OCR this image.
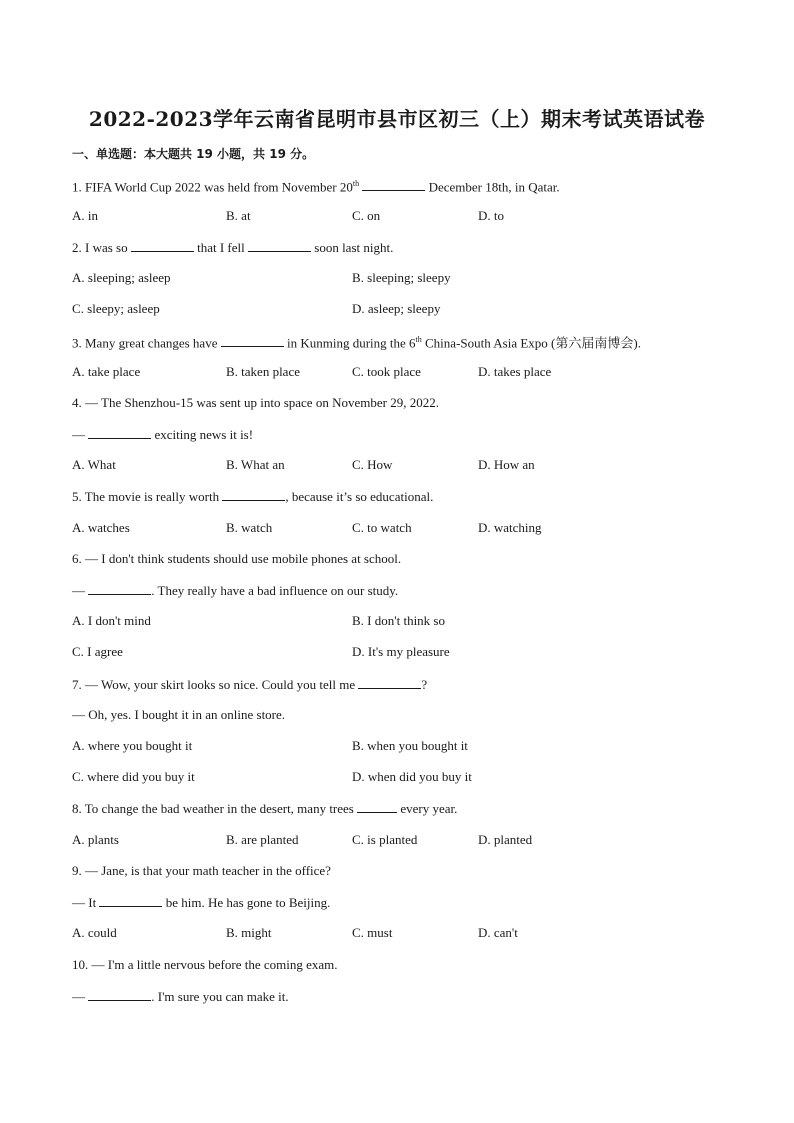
2022-2023学年云南省昆明市县市区初三（上）期末考试英语试卷
一、单选题：本大题共 19 小题，共 19 分。
1. FIFA World Cup 2022 was held from November 20th	December 18th, in Qatar.
A. in	B. at	C. on	D. to
2. I was so	that I fell	soon last night.
A. sleeping; asleep	B. sleeping; sleepy
C. sleepy; asleep	D. asleep; sleepy
3. Many great changes have	in Kunming during the 6th China-South Asia Expo (第六届南博会).
A. take place	B. taken place	C. took place	D. takes place
4. — The Shenzhou-15 was sent up into space on November 29, 2022.
—	exciting news it is!
A. What	B. What an	C. How	D. How an
5. The movie is really worth	, because it’s so educational.
A. watches	B. watch	C. to watch	D. watching
6. — I don't think students should use mobile phones at school.
—	. They really have a bad influence on our study.
A. I don't mind	B. I don't think so
C. I agree	D. It's my pleasure
7. — Wow, your skirt looks so nice. Could you tell me	?
— Oh, yes. I bought it in an online store.
A. where you bought it	B. when you bought it
C. where did you buy it	D. when did you buy it
8. To change the bad weather in the desert, many trees	every year.
A. plants	B. are planted	C. is planted	D. planted
9. — Jane, is that your math teacher in the office?
— It	be him. He has gone to Beijing.
A. could	B. might	C. must	D. can't
10. — I'm a little nervous before the coming exam.
—	. I'm sure you can make it.
